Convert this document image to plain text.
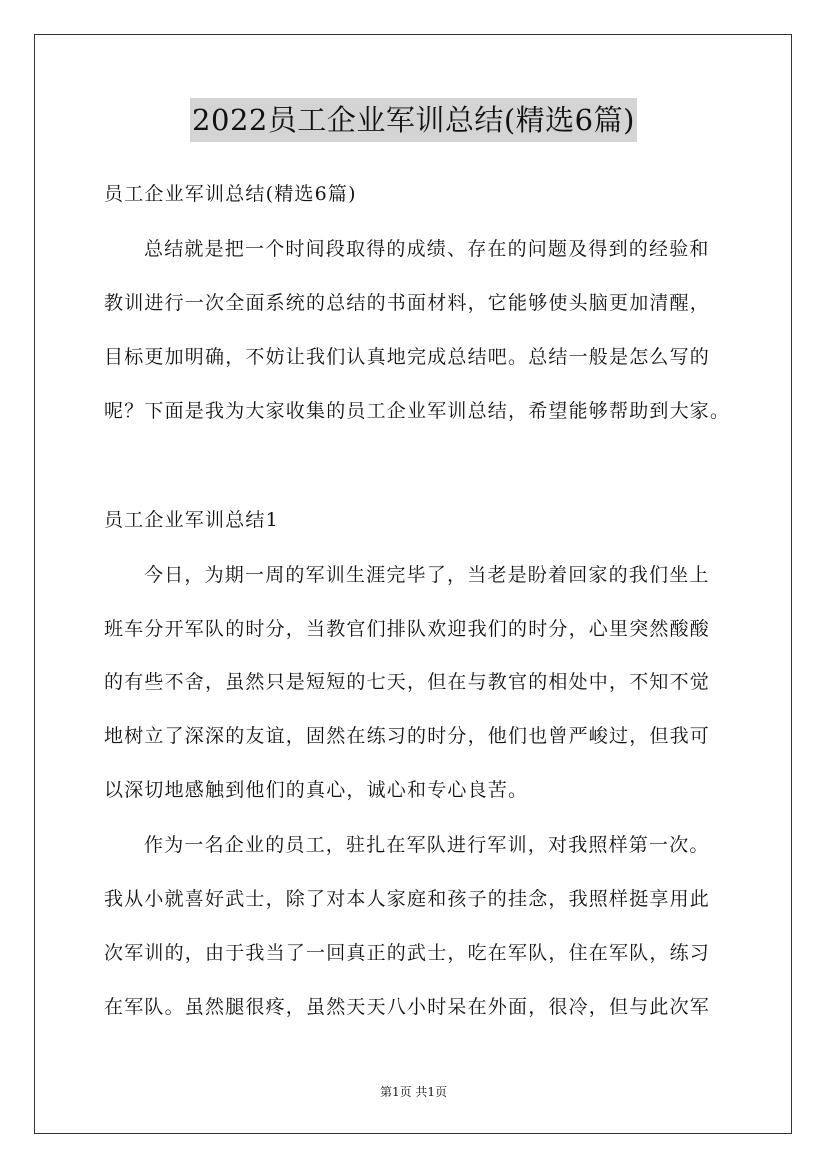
2022员工企业军训总结(精选6篇)
员工企业军训总结(精选6篇)
总结就是把一个时间段取得的成绩、存在的问题及得到的经验和
教训进行一次全面系统的总结的书面材料，它能够使头脑更加清醒，
目标更加明确，不妨让我们认真地完成总结吧。总结一般是怎么写的
呢？下面是我为大家收集的员工企业军训总结，希望能够帮助到大家。
员工企业军训总结1
今日，为期一周的军训生涯完毕了，当老是盼着回家的我们坐上
班车分开军队的时分，当教官们排队欢迎我们的时分，心里突然酸酸
的有些不舍，虽然只是短短的七天，但在与教官的相处中，不知不觉
地树立了深深的友谊，固然在练习的时分，他们也曾严峻过，但我可
以深切地感触到他们的真心，诚心和专心良苦。
作为一名企业的员工，驻扎在军队进行军训，对我照样第一次。
我从小就喜好武士，除了对本人家庭和孩子的挂念，我照样挺享用此
次军训的，由于我当了一回真正的武士，吃在军队，住在军队，练习
在军队。虽然腿很疼，虽然天天八小时呆在外面，很冷，但与此次军
第1页 共1页
